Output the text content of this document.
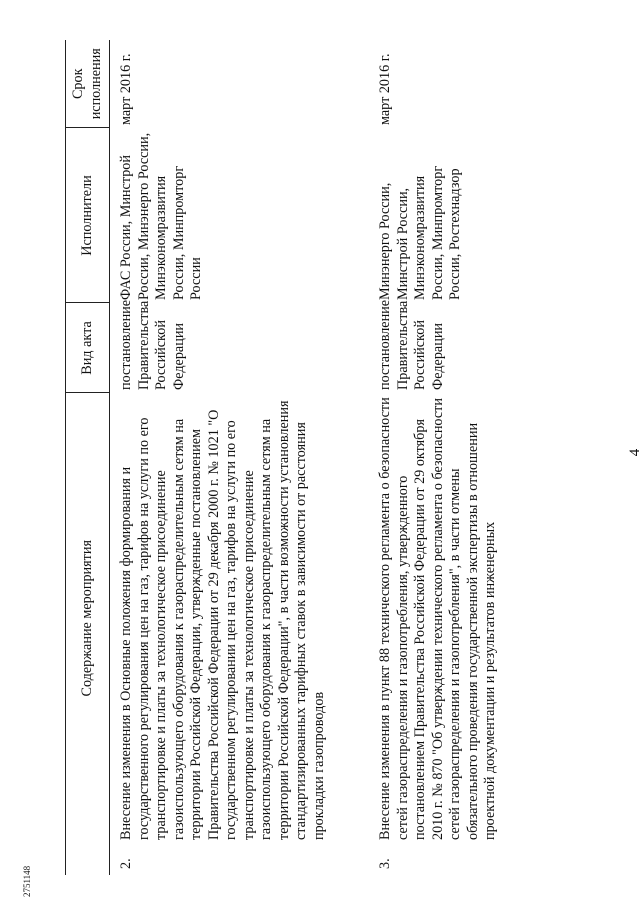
4
2751148
	Содержание мероприятия	Вид акта	Исполнители	Срок исполнения
2.	Внесение изменения в Основные положения формирования и государственного регулирования цен на газ, тарифов на услуги по его транспортировке и платы за технологическое присоединение газоиспользующего оборудования к газораспределительным сетям на территории Российской Федерации, утвержденные постановлением Правительства Российской Федерации от 29 декабря 2000 г. № 1021 "О государственном регулировании цен на газ, тарифов на услуги по его транспортировке и платы за технологическое присоединение газоиспользующего оборудования к газораспределительным сетям на территории Российской Федерации", в части возможности установления стандартизированных тарифных ставок в зависимости от расстояния прокладки газопроводов	постановление Правительства Российской Федерации	ФАС России, Минстрой России, Минэнерго России, Минэкономразвития России, Минпромторг России	март 2016 г.
3.	Внесение изменения в пункт 88 технического регламента о безопасности сетей газораспределения и газопотребления, утвержденного постановлением Правительства Российской Федерации от 29 октября 2010 г. № 870 "Об утверждении технического регламента о безопасности сетей газораспределения и газопотребления", в части отмены обязательного проведения государственной экспертизы в отношении проектной документации и результатов инженерных	постановление Правительства Российской Федерации	Минэнерго России, Минстрой России, Минэкономразвития России, Минпромторг России, Ростехнадзор	март 2016 г.
